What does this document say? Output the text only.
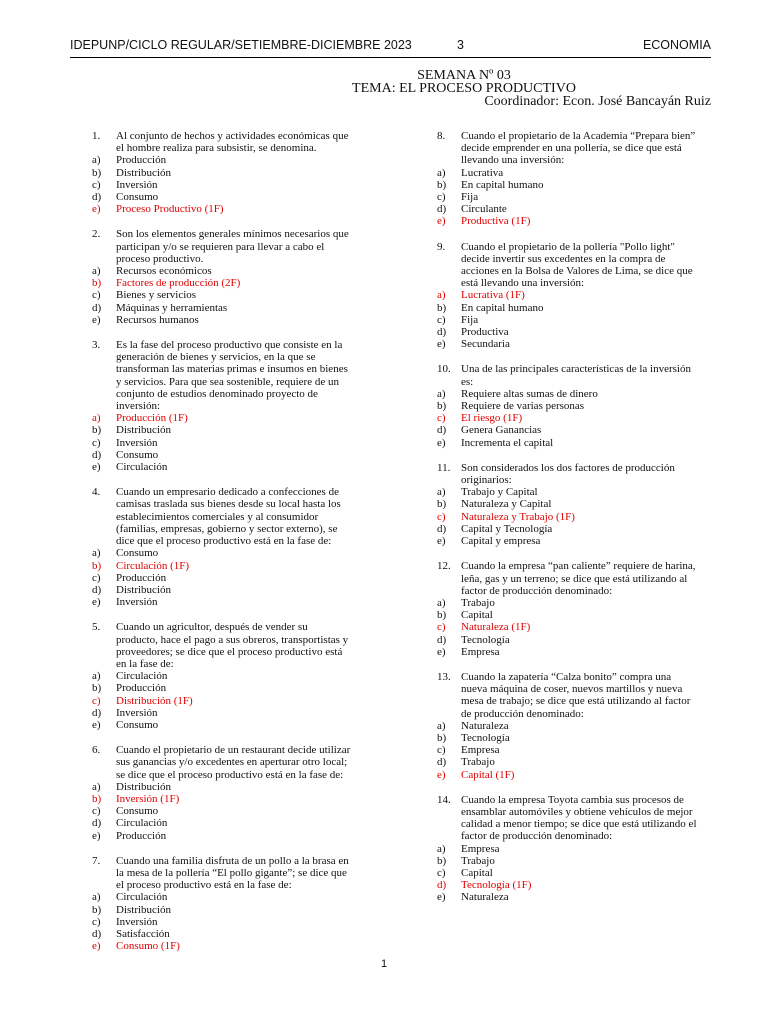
IDEPUNP/CICLO REGULAR/SETIEMBRE-DICIEMBRE 2023	3	ECONOMIA
SEMANA Nº 03
TEMA: EL PROCESO PRODUCTIVO
Coordinador: Econ. José Bancayán Ruiz
1.	Al conjunto de hechos y actividades económicas que el hombre realiza para subsistir, se denomina.
a)	Producción
b)	Distribución
c)	Inversión
d)	Consumo
e)	Proceso Productivo (1F)
2.	Son los elementos generales mínimos necesarios que participan y/o se requieren para llevar a cabo el proceso productivo.
a)	Recursos económicos
b)	Factores de producción (2F)
c)	Bienes y servicios
d)	Máquinas y herramientas
e)	Recursos humanos
3.	Es la fase del proceso productivo que consiste en la generación de bienes y servicios, en la que se transforman las materias primas e insumos en bienes y servicios. Para que sea sostenible, requiere de un conjunto de estudios denominado proyecto de inversión:
a)	Producción (1F)
b)	Distribución
c)	Inversión
d)	Consumo
e)	Circulación
4.	Cuando un empresario dedicado a confecciones de camisas traslada sus bienes desde su local hasta los establecimientos comerciales y al consumidor (familias, empresas, gobierno y sector externo), se dice que el proceso productivo está en la fase de:
a)	Consumo
b)	Circulación (1F)
c)	Producción
d)	Distribución
e)	Inversión
5.	Cuando un agricultor, después de vender su producto, hace el pago a sus obreros, transportistas y proveedores; se dice que el proceso productivo está en la fase de:
a)	Circulación
b)	Producción
c)	Distribución (1F)
d)	Inversión
e)	Consumo
6.	Cuando el propietario de un restaurant decide utilizar sus ganancias y/o excedentes en aperturar otro local; se dice que el proceso productivo está en la fase de:
a)	Distribución
b)	Inversión (1F)
c)	Consumo
d)	Circulación
e)	Producción
7.	Cuando una familia disfruta de un pollo a la brasa en la mesa de la pollería “El pollo gigante”; se dice que el proceso productivo está en la fase de:
a)	Circulación
b)	Distribución
c)	Inversión
d)	Satisfacción
e)	Consumo (1F)
8.	Cuando el propietario de la Academia “Prepara bien” decide emprender en una pollería, se dice que está llevando una inversión:
a)	Lucrativa
b)	En capital humano
c)	Fija
d)	Circulante
e)	Productiva (1F)
9.	Cuando el propietario de la pollería "Pollo light" decide invertir sus excedentes en la compra de acciones en la Bolsa de Valores de Lima, se dice que está llevando una inversión:
a)	Lucrativa (1F)
b)	En capital humano
c)	Fija
d)	Productiva
e)	Secundaria
10. Una de las principales características de la inversión es:
a)	Requiere altas sumas de dinero
b)	Requiere de varias personas
c)	El riesgo (1F)
d)	Genera Ganancias
e)	Incrementa el capital
11. Son considerados los dos factores de producción originarios:
a)	Trabajo y Capital
b)	Naturaleza y Capital
c)	Naturaleza y Trabajo (1F)
d)	Capital y Tecnología
e)	Capital y empresa
12. Cuando la empresa “pan caliente” requiere de harina, leña, gas y un terreno; se dice que está utilizando al factor de producción denominado:
a)	Trabajo
b)	Capital
c)	Naturaleza (1F)
d)	Tecnología
e)	Empresa
13. Cuando la zapatería “Calza bonito” compra una nueva máquina de coser, nuevos martillos y nueva mesa de trabajo; se dice que está utilizando al factor de producción denominado:
a)	Naturaleza
b)	Tecnología
c)	Empresa
d)	Trabajo
e)	Capital (1F)
14. Cuando la empresa Toyota cambia sus procesos de ensamblar automóviles y obtiene vehículos de mejor calidad a menor tiempo; se dice que está utilizando el factor de producción denominado:
a)	Empresa
b)	Trabajo
c)	Capital
d)	Tecnología (1F)
e)	Naturaleza
1
